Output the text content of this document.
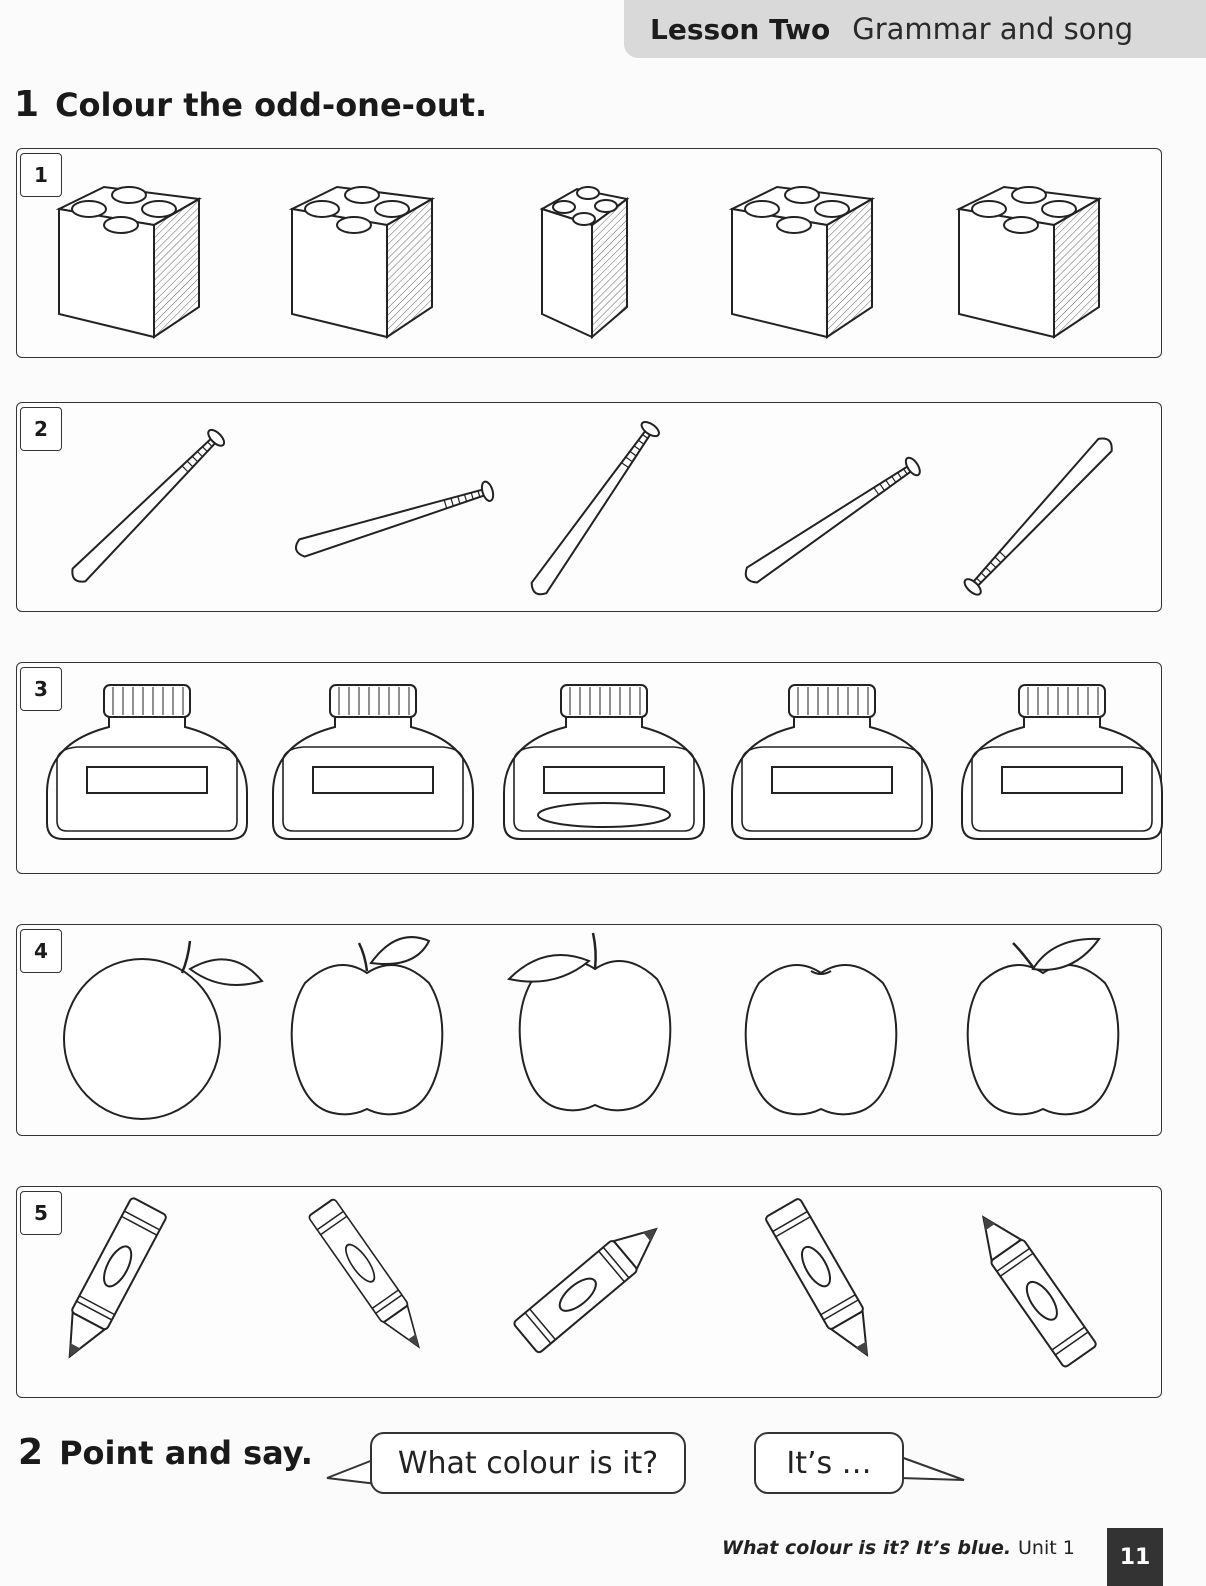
Lesson Two Grammar and song
1 Colour the odd-one-out.
1
2
3
4
5
2 Point and say.	What colour is it?	It’s …
What colour is it? It’s blue. Unit 1	11
